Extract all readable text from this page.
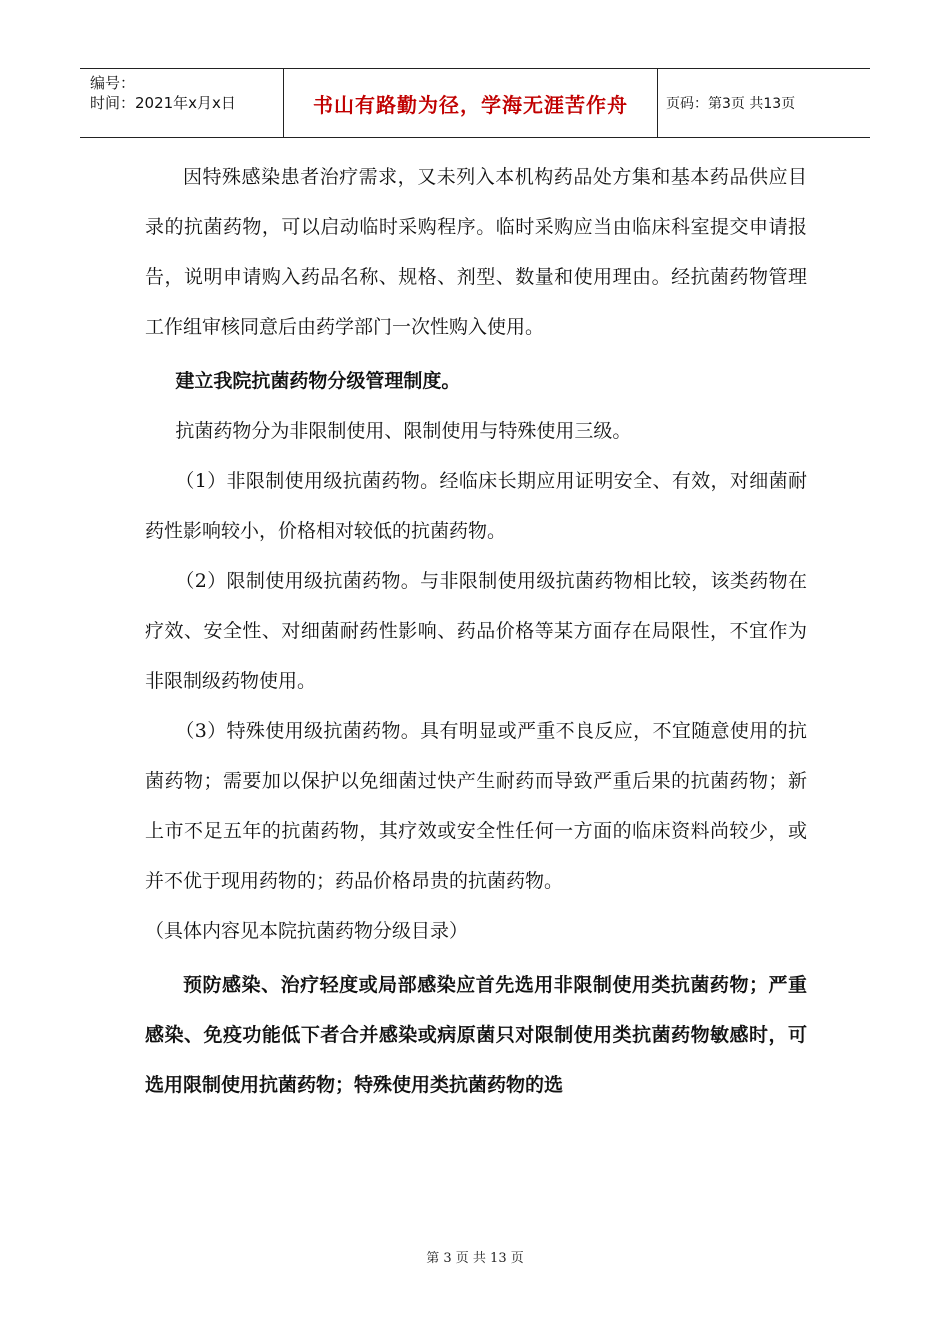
编号：
时间：2021年x月x日	书山有路勤为径，学海无涯苦作舟	页码：第3页 共13页

因特殊感染患者治疗需求，又未列入本机构药品处方集和基本药品供应目录的抗菌药物，可以启动临时采购程序。临时采购应当由临床科室提交申请报告，说明申请购入药品名称、规格、剂型、数量和使用理由。经抗菌药物管理工作组审核同意后由药学部门一次性购入使用。

建立我院抗菌药物分级管理制度。

抗菌药物分为非限制使用、限制使用与特殊使用三级。

（1）非限制使用级抗菌药物。经临床长期应用证明安全、有效，对细菌耐药性影响较小，价格相对较低的抗菌药物。

（2）限制使用级抗菌药物。与非限制使用级抗菌药物相比较，该类药物在疗效、安全性、对细菌耐药性影响、药品价格等某方面存在局限性，不宜作为非限制级药物使用。

（3）特殊使用级抗菌药物。具有明显或严重不良反应，不宜随意使用的抗菌药物；需要加以保护以免细菌过快产生耐药而导致严重后果的抗菌药物；新上市不足五年的抗菌药物，其疗效或安全性任何一方面的临床资料尚较少，或并不优于现用药物的；药品价格昂贵的抗菌药物。

（具体内容见本院抗菌药物分级目录）

预防感染、治疗轻度或局部感染应首先选用非限制使用类抗菌药物；严重感染、免疫功能低下者合并感染或病原菌只对限制使用类抗菌药物敏感时，可选用限制使用抗菌药物；特殊使用类抗菌药物的选

第 3 页 共 13 页
